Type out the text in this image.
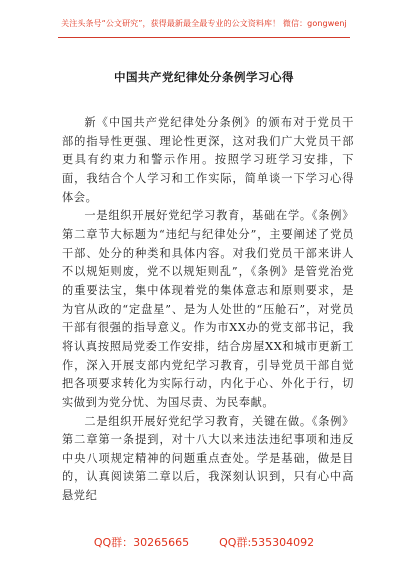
关注头条号“公文研究”，获得最新最全最专业的公文资料库！ 微信：gongwenj
中国共产党纪律处分条例学习心得

新《中国共产党纪律处分条例》的颁布对于党员干部的指导性更强、理论性更深，这对我们广大党员干部更具有约束力和警示作用。按照学习班学习安排，下面，我结合个人学习和工作实际，简单谈一下学习心得体会。

一是组织开展好党纪学习教育，基础在学。《条例》第二章节大标题为“违纪与纪律处分”，主要阐述了党员干部、处分的种类和具体内容。对我们党员干部来讲人不以规矩则废，党不以规矩则乱”，《条例》是管党治党的重要法宝，集中体现着党的集体意志和原则要求，是为官从政的“定盘星”、是为人处世的“压舱石”，对党员干部有很强的指导意义。作为市XX办的党支部书记，我将认真按照局党委工作安排，结合房屋XX和城市更新工作，深入开展支部内党纪学习教育，引导党员干部自觉把各项要求转化为实际行动，内化于心、外化于行，切实做到为党分忧、为国尽责、为民奉献。

二是组织开展好党纪学习教育，关键在做。《条例》第二章第一条提到，对十八大以来违法违纪事项和违反中央八项规定精神的问题重点查处。学是基础，做是目的，认真阅读第二章以后，我深刻认识到，只有心中高悬党纪

QQ群：30265665	QQ群:535304092
